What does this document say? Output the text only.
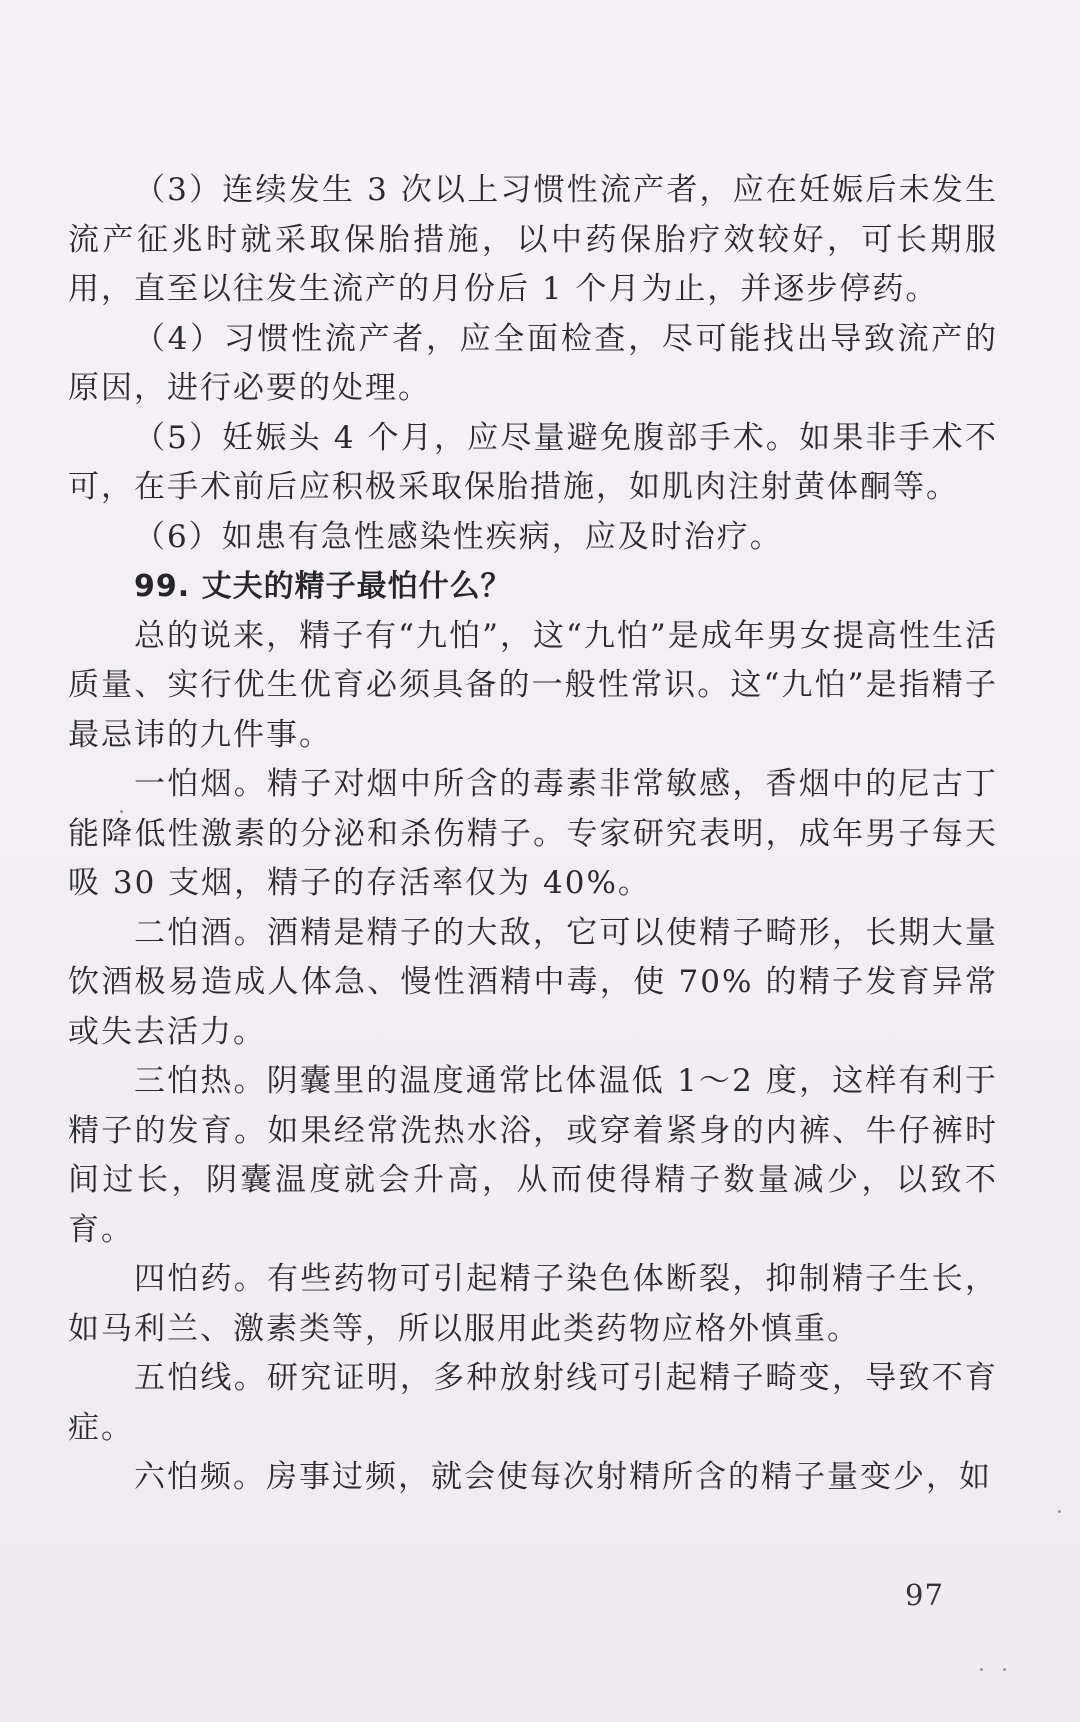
（3）连续发生 3 次以上习惯性流产者，应在妊娠后未发生流产征兆时就采取保胎措施，以中药保胎疗效较好，可长期服用，直至以往发生流产的月份后 1 个月为止，并逐步停药。

（4）习惯性流产者，应全面检查，尽可能找出导致流产的原因，进行必要的处理。

（5）妊娠头 4 个月，应尽量避免腹部手术。如果非手术不可，在手术前后应积极采取保胎措施，如肌肉注射黄体酮等。

（6）如患有急性感染性疾病，应及时治疗。

99. 丈夫的精子最怕什么？

总的说来，精子有“九怕”，这“九怕”是成年男女提高性生活质量、实行优生优育必须具备的一般性常识。这“九怕”是指精子最忌讳的九件事。

一怕烟。精子对烟中所含的毒素非常敏感，香烟中的尼古丁能降低性激素的分泌和杀伤精子。专家研究表明，成年男子每天吸 30 支烟，精子的存活率仅为 40%。

二怕酒。酒精是精子的大敌，它可以使精子畸形，长期大量饮酒极易造成人体急、慢性酒精中毒，使 70% 的精子发育异常或失去活力。

三怕热。阴囊里的温度通常比体温低 1～2 度，这样有利于精子的发育。如果经常洗热水浴，或穿着紧身的内裤、牛仔裤时间过长，阴囊温度就会升高，从而使得精子数量减少，以致不育。

四怕药。有些药物可引起精子染色体断裂，抑制精子生长，如马利兰、激素类等，所以服用此类药物应格外慎重。

五怕线。研究证明，多种放射线可引起精子畸变，导致不育症。

六怕频。房事过频，就会使每次射精所含的精子量变少，如

97
